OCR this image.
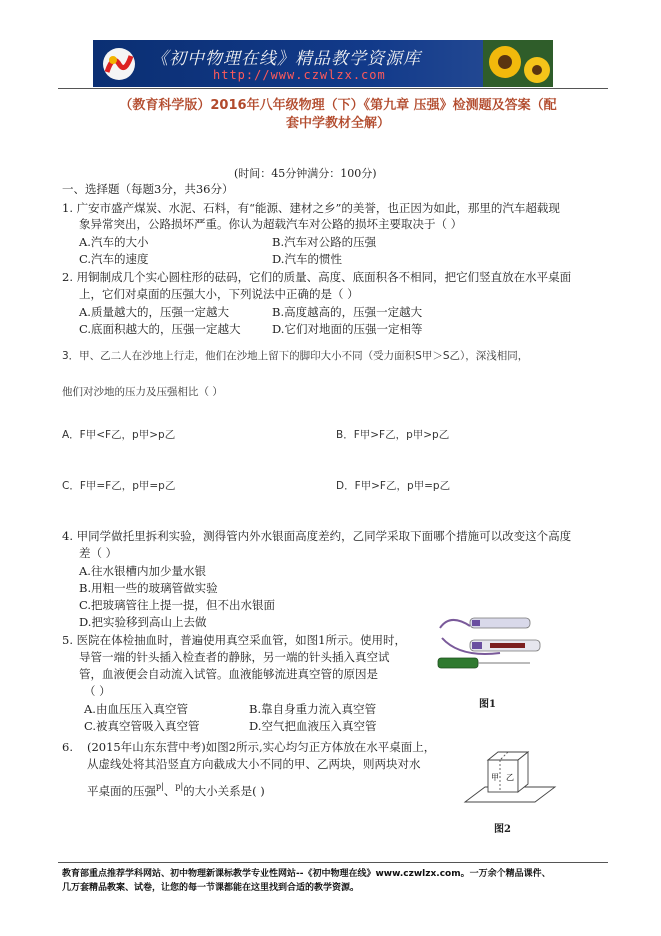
《初中物理在线》精品教学资源库
http://www.czwlzx.com
（教育科学版）2016年八年级物理（下）《第九章 压强》检测题及答案（配
套中学教材全解）
(时间：45分钟满分：100分)
一、选择题（每题3分，共36分）
1. 广安市盛产煤炭、水泥、石料，有“能源、建材之乡”的美誉，也正因为如此，那里的汽车超载现
象异常突出，公路损坏严重。你认为超载汽车对公路的损坏主要取决于（ ）
A.汽车的大小	B.汽车对公路的压强
C.汽车的速度	D.汽车的惯性
2. 用铜制成几个实心圆柱形的砝码，它们的质量、高度、底面积各不相同，把它们竖直放在水平桌面
上，它们对桌面的压强大小，下列说法中正确的是（ ）
A.质量越大的，压强一定越大	B.高度越高的，压强一定越大
C.底面积越大的，压强一定越大	D.它们对地面的压强一定相等
3．甲、乙二人在沙地上行走，他们在沙地上留下的脚印大小不同（受力面积S甲＞S乙），深浅相同，
他们对沙地的压力及压强相比（ ）
A．F甲<F乙，p甲>p乙	B．F甲>F乙，p甲>p乙
C．F甲=F乙，p甲=p乙	D．F甲>F乙，p甲=p乙
4. 甲同学做托里拆利实验，测得管内外水银面高度差约，乙同学采取下面哪个措施可以改变这个高度
差（ ）
A.往水银槽内加少量水银
B.用粗一些的玻璃管做实验
C.把玻璃管往上提一提，但不出水银面
D.把实验移到高山上去做
5. 医院在体检抽血时，普遍使用真空采血管，如图1所示。使用时，
导管一端的针头插入检查者的静脉，另一端的针头插入真空试
管，血液便会自动流入试管。血液能够流进真空管的原因是
（ ）
A.由血压压入真空管	B.靠自身重力流入真空管
C.被真空管吸入真空管	D.空气把血液压入真空管
图1
6. (2015年山东东营中考)如图2所示,实心均匀正方体放在水平桌面上，
从虚线处将其沿竖直方向截成大小不同的甲、乙两块，则两块对水
平桌面的压强p|、p|的大小关系是( )
甲 乙
图2
教育部重点推荐学科网站、初中物理新课标教学专业性网站--《初中物理在线》www.czwlzx.com。一万余个精品课件、
几万套精品教案、试卷，让您的每一节课都能在这里找到合适的教学资源。
